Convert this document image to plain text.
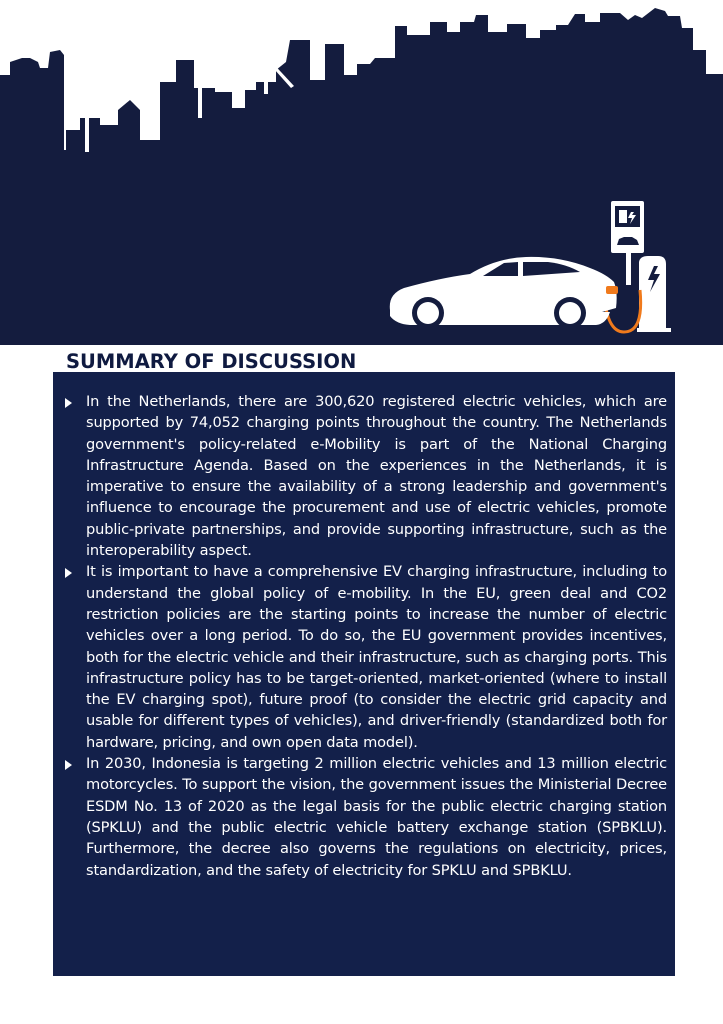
SUMMARY OF DISCUSSION
In the Netherlands, there are 300,620 registered electric vehicles, which are supported by 74,052 charging points throughout the country. The Netherlands government's policy-related e-Mobility is part of the National Charging Infrastructure Agenda. Based on the experiences in the Netherlands, it is imperative to ensure the availability of a strong leadership and government's influence to encourage the procurement and use of electric vehicles, promote public-private partnerships, and provide supporting infrastructure, such as the interoperability aspect.
It is important to have a comprehensive EV charging infrastructure, including to understand the global policy of e-mobility. In the EU, green deal and CO2 restriction policies are the starting points to increase the number of electric vehicles over a long period. To do so, the EU government provides incentives, both for the electric vehicle and their infrastructure, such as charging ports. This infrastructure policy has to be target-oriented, market-oriented (where to install the EV charging spot), future proof (to consider the electric grid capacity and usable for different types of vehicles), and driver-friendly (standardized both for hardware, pricing, and own open data model).
In 2030, Indonesia is targeting 2 million electric vehicles and 13 million electric motorcycles. To support the vision, the government issues the Ministerial Decree ESDM No. 13 of 2020 as the legal basis for the public electric charging station (SPKLU) and the public electric vehicle battery exchange station (SPBKLU). Furthermore, the decree also governs the regulations on electricity, prices, standardization, and the safety of electricity for SPKLU and SPBKLU.
